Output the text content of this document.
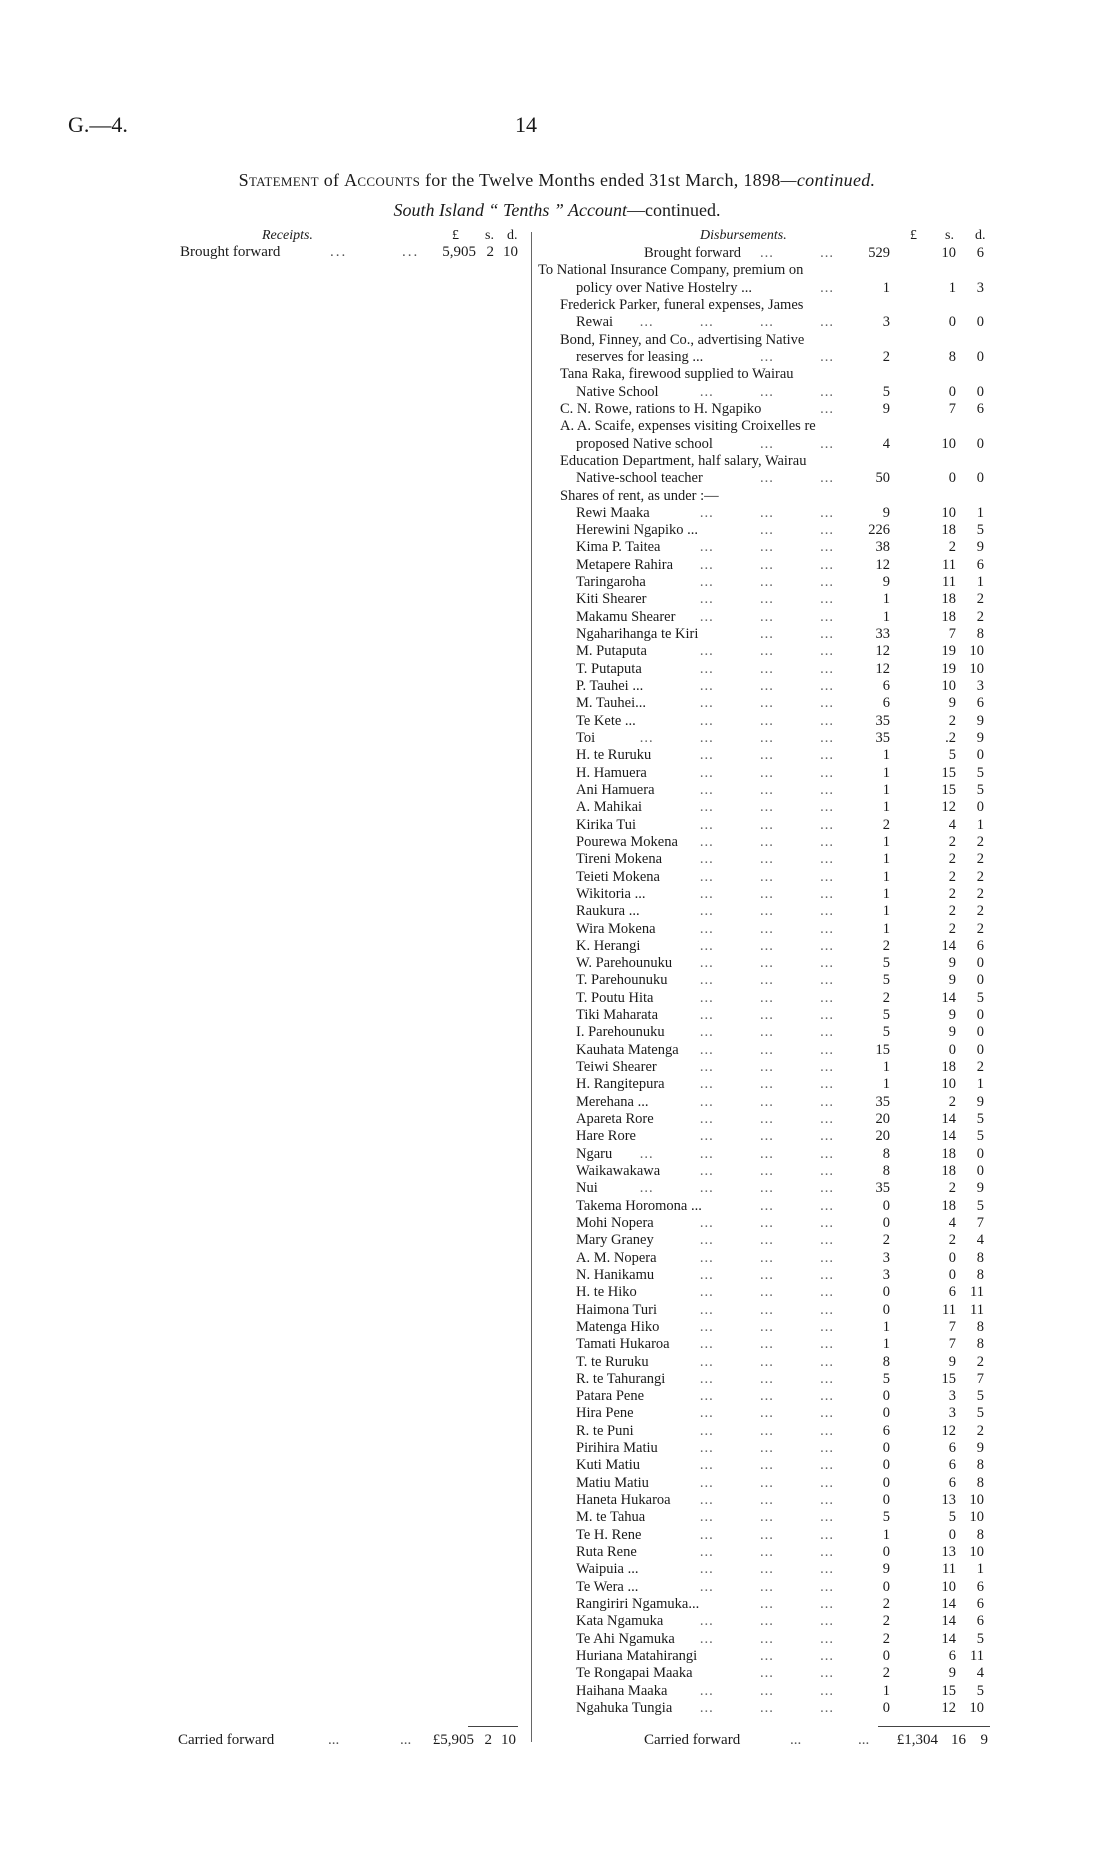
G.—4.	14
Statement of Accounts for the Twelve Months ended 31st March, 1898—continued.
South Island “ Tenths ” Account—continued.
Receipts.	£ s. d.
Brought forward	...	...	5,905 2 10
Disbursements.	£ s. d.
Brought forward ...          ...	529	10	6
To National Insurance Company, premium on
policy over Native Hostelry ...	...	1	1	3
Frederick Parker, funeral expenses, James
Rewai ...          ...          ...          ...	3	0	0
Bond, Finney, and Co., advertising Native
reserves for leasing ...	...          ...	2	8	0
Tana Raka, firewood supplied to Wairau
Native School	...          ...          ...	5	0	0
C. N. Rowe, rations to H. Ngapiko	...	9	7	6
A. A. Scaife, expenses visiting Croixelles re
proposed Native school	...          ...	4	10	0
Education Department, half salary, Wairau
Native-school teacher	...          ...	50	0	0
Shares of rent, as under :—
Rewi Maaka	...          ...          ...	9	10	1
Herewini Ngapiko ...	...          ...	226	18	5
Kima P. Taitea	...          ...          ...	38	2	9
Metapere Rahira ...          ...          ...	12	11	6
Taringaroha	...          ...          ...	9	11	1
Kiti Shearer	...          ...          ...	1	18	2
Makamu Shearer ...          ...          ...	1	18	2
Ngaharihanga te Kiri	...          ...	33	7	8
M. Putaputa	...          ...          ...	12	19 10
T. Putaputa	...          ...          ...	12	19 10
P. Tauhei ...	...          ...          ...	6	10	3
M. Tauhei...	...          ...          ...	6	9	6
Te Kete ...	...          ...          ...	35	2	9
Toi	...          ...          ...          ...	35	.2	9
H. te Ruruku	...          ...          ...	1	5	0
H. Hamuera	...          ...          ...	1	15	5
Ani Hamuera	...          ...          ...	1	15	5
A. Mahikai	...          ...          ...	1	12	0
Kirika Tui	...          ...          ...	2	4	1
Pourewa Mokena ...          ...          ...	1	2	2
Tireni Mokena	...          ...          ...	1	2	2
Teieti Mokena	...          ...          ...	1	2	2
Wikitoria ...	...          ...          ...	1	2	2
Raukura ...	...          ...          ...	1	2	2
Wira Mokena	...          ...          ...	1	2	2
K. Herangi	...          ...          ...	2	14	6
W. Parehounuku ...          ...          ...	5	9	0
T. Parehounuku ...          ...          ...	5	9	0
T. Poutu Hita	...          ...          ...	2	14	5
Tiki Maharata	...          ...          ...	5	9	0
I. Parehounuku ...          ...          ...	5	9	0
Kauhata Matenga ...          ...          ...	15	0	0
Teiwi Shearer	...          ...          ...	1	18	2
H. Rangitepura ...          ...          ...	1	10	1
Merehana ...	...          ...          ...	35	2	9
Apareta Rore	...          ...          ...	20	14	5
Hare Rore	...          ...          ...	20	14	5
Ngaru ...          ...          ...          ...	8	18	0
Waikawakawa	...          ...          ...	8	18	0
Nui	...          ...          ...          ...	35	2	9
Takema Horomona ...	...          ...	0	18	5
Mohi Nopera	...          ...          ...	0	4	7
Mary Graney	...          ...          ...	2	2	4
A. M. Nopera	...          ...          ...	3	0	8
N. Hanikamu	...          ...          ...	3	0	8
H. te Hiko	...          ...          ...	0	6 11
Haimona Turi	...          ...          ...	0	11 11
Matenga Hiko	...          ...          ...	1	7	8
Tamati Hukaroa ...          ...          ...	1	7	8
T. te Ruruku	...          ...          ...	8	9	2
R. te Tahurangi ...          ...          ...	5	15	7
Patara Pene	...          ...          ...	0	3	5
Hira Pene	...          ...          ...	0	3	5
R. te Puni	...          ...          ...	6	12	2
Pirihira Matiu	...          ...          ...	0	6	9
Kuti Matiu	...          ...          ...	0	6	8
Matiu Matiu	...          ...          ...	0	6	8
Haneta Hukaroa ...          ...          ...	0	13 10
M. te Tahua	...          ...          ...	5	5 10
Te H. Rene	...          ...          ...	1	0	8
Ruta Rene	...          ...          ...	0	13 10
Waipuia ...	...          ...          ...	9	11	1
Te Wera ...	...          ...          ...	0	10	6
Rangiriri Ngamuka...	...          ...	2	14	6
Kata Ngamuka	...          ...          ...	2	14	6
Te Ahi Ngamuka ...          ...          ...	2	14	5
Huriana Matahirangi	...          ...	0	6 11
Te Rongapai Maaka	...          ...	2	9	4
Haihana Maaka ...          ...          ...	1	15	5
Ngahuka Tungia ...          ...          ...	0	12 10
Carried forward	...	...	£5,905 2 10	Carried forward	...	...	£1,304 16 9
